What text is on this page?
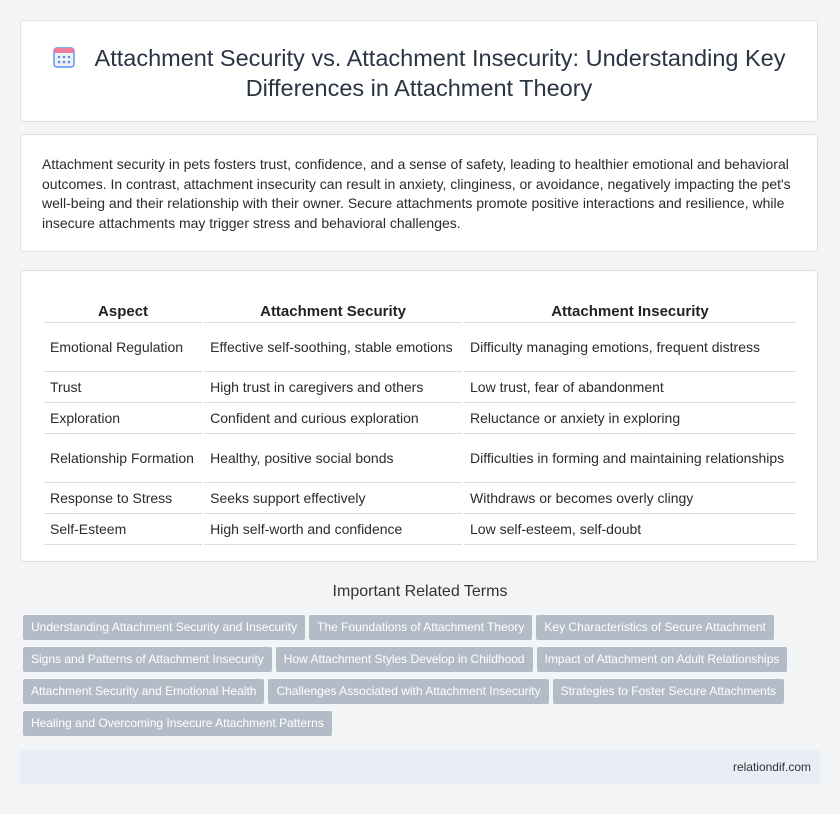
Attachment Security vs. Attachment Insecurity: Understanding Key Differences in Attachment Theory

Attachment security in pets fosters trust, confidence, and a sense of safety, leading to healthier emotional and behavioral outcomes. In contrast, attachment insecurity can result in anxiety, clinginess, or avoidance, negatively impacting the pet's well-being and their relationship with their owner. Secure attachments promote positive interactions and resilience, while insecure attachments may trigger stress and behavioral challenges.

Aspect	Attachment Security	Attachment Insecurity
Emotional Regulation	Effective self-soothing, stable emotions	Difficulty managing emotions, frequent distress
Trust	High trust in caregivers and others	Low trust, fear of abandonment
Exploration	Confident and curious exploration	Reluctance or anxiety in exploring
Relationship Formation	Healthy, positive social bonds	Difficulties in forming and maintaining relationships
Response to Stress	Seeks support effectively	Withdraws or becomes overly clingy
Self-Esteem	High self-worth and confidence	Low self-esteem, self-doubt
Important Related Terms
Understanding Attachment Security and Insecurity The Foundations of Attachment Theory Key Characteristics of Secure AttachmentSigns and Patterns of Attachment Insecurity How Attachment Styles Develop in Childhood Impact of Attachment on Adult RelationshipsAttachment Security and Emotional Health Challenges Associated with Attachment Insecurity Strategies to Foster Secure AttachmentsHealing and Overcoming Insecure Attachment Patterns
relationdif.com
